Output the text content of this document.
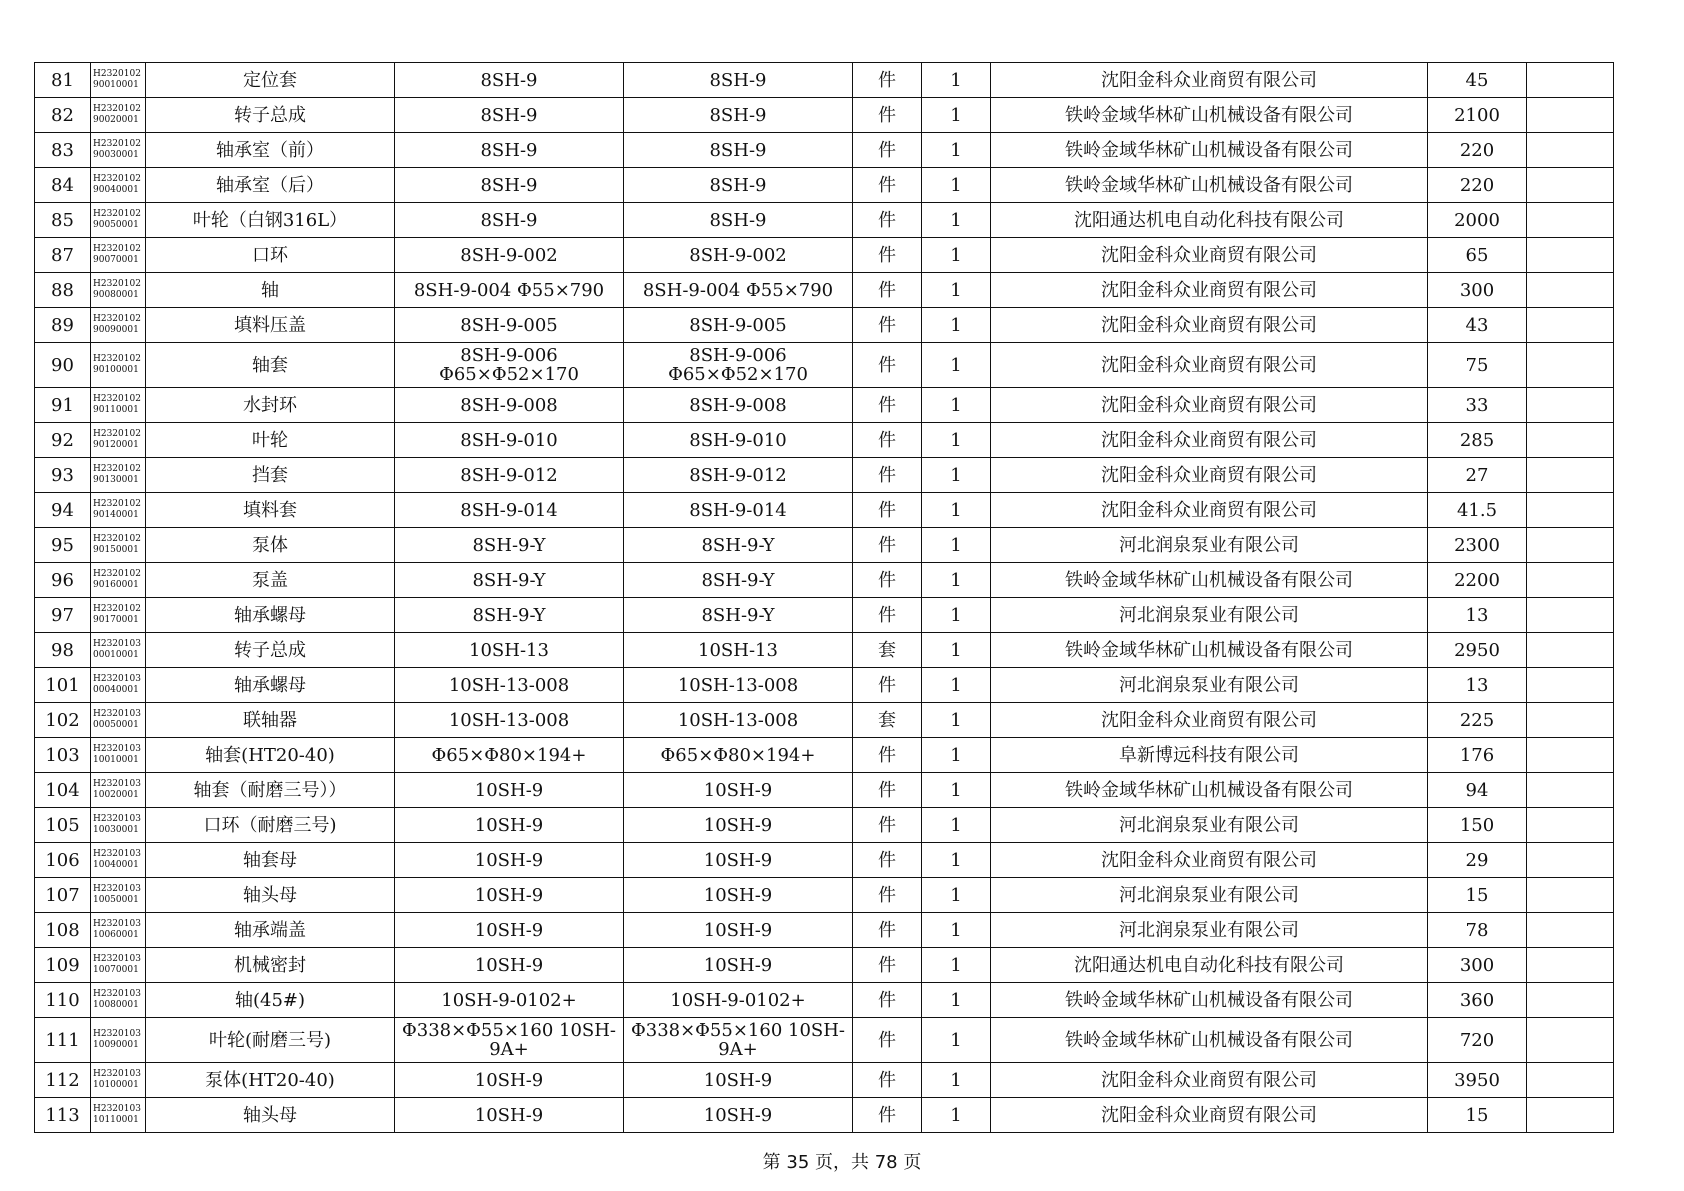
81	H232010290010001	定位套	8SH-9	8SH-9	件	1	沈阳金科众业商贸有限公司	45	
82	H232010290020001	转子总成	8SH-9	8SH-9	件	1	铁岭金域华林矿山机械设备有限公司	2100	
83	H232010290030001	轴承室（前）	8SH-9	8SH-9	件	1	铁岭金域华林矿山机械设备有限公司	220	
84	H232010290040001	轴承室（后）	8SH-9	8SH-9	件	1	铁岭金域华林矿山机械设备有限公司	220	
85	H232010290050001	叶轮（白钢316L）	8SH-9	8SH-9	件	1	沈阳通达机电自动化科技有限公司	2000	
87	H232010290070001	口环	8SH-9-002	8SH-9-002	件	1	沈阳金科众业商贸有限公司	65	
88	H232010290080001	轴	8SH-9-004 Φ55×790	8SH-9-004 Φ55×790	件	1	沈阳金科众业商贸有限公司	300	
89	H232010290090001	填料压盖	8SH-9-005	8SH-9-005	件	1	沈阳金科众业商贸有限公司	43	
90	H232010290100001	轴套	8SH-9-006 Φ65×Φ52×170	8SH-9-006 Φ65×Φ52×170	件	1	沈阳金科众业商贸有限公司	75	
91	H232010290110001	水封环	8SH-9-008	8SH-9-008	件	1	沈阳金科众业商贸有限公司	33	
92	H232010290120001	叶轮	8SH-9-010	8SH-9-010	件	1	沈阳金科众业商贸有限公司	285	
93	H232010290130001	挡套	8SH-9-012	8SH-9-012	件	1	沈阳金科众业商贸有限公司	27	
94	H232010290140001	填料套	8SH-9-014	8SH-9-014	件	1	沈阳金科众业商贸有限公司	41.5	
95	H232010290150001	泵体	8SH-9-Y	8SH-9-Y	件	1	河北润泉泵业有限公司	2300	
96	H232010290160001	泵盖	8SH-9-Y	8SH-9-Y	件	1	铁岭金域华林矿山机械设备有限公司	2200	
97	H232010290170001	轴承螺母	8SH-9-Y	8SH-9-Y	件	1	河北润泉泵业有限公司	13	
98	H232010300010001	转子总成	10SH-13	10SH-13	套	1	铁岭金域华林矿山机械设备有限公司	2950	
101	H232010300040001	轴承螺母	10SH-13-008	10SH-13-008	件	1	河北润泉泵业有限公司	13	
102	H232010300050001	联轴器	10SH-13-008	10SH-13-008	套	1	沈阳金科众业商贸有限公司	225	
103	H232010310010001	轴套(HT20-40)	Φ65×Φ80×194+	Φ65×Φ80×194+	件	1	阜新博远科技有限公司	176	
104	H232010310020001	轴套（耐磨三号））	10SH-9	10SH-9	件	1	铁岭金域华林矿山机械设备有限公司	94	
105	H232010310030001	口环（耐磨三号)	10SH-9	10SH-9	件	1	河北润泉泵业有限公司	150	
106	H232010310040001	轴套母	10SH-9	10SH-9	件	1	沈阳金科众业商贸有限公司	29	
107	H232010310050001	轴头母	10SH-9	10SH-9	件	1	河北润泉泵业有限公司	15	
108	H232010310060001	轴承端盖	10SH-9	10SH-9	件	1	河北润泉泵业有限公司	78	
109	H232010310070001	机械密封	10SH-9	10SH-9	件	1	沈阳通达机电自动化科技有限公司	300	
110	H232010310080001	轴(45#)	10SH-9-0102+	10SH-9-0102+	件	1	铁岭金域华林矿山机械设备有限公司	360	
111	H232010310090001	叶轮(耐磨三号)	Φ338×Φ55×160 10SH-9A+	Φ338×Φ55×160 10SH-9A+	件	1	铁岭金域华林矿山机械设备有限公司	720	
112	H232010310100001	泵体(HT20-40)	10SH-9	10SH-9	件	1	沈阳金科众业商贸有限公司	3950	
113	H232010310110001	轴头母	10SH-9	10SH-9	件	1	沈阳金科众业商贸有限公司	15	
第 35 页，共 78 页
